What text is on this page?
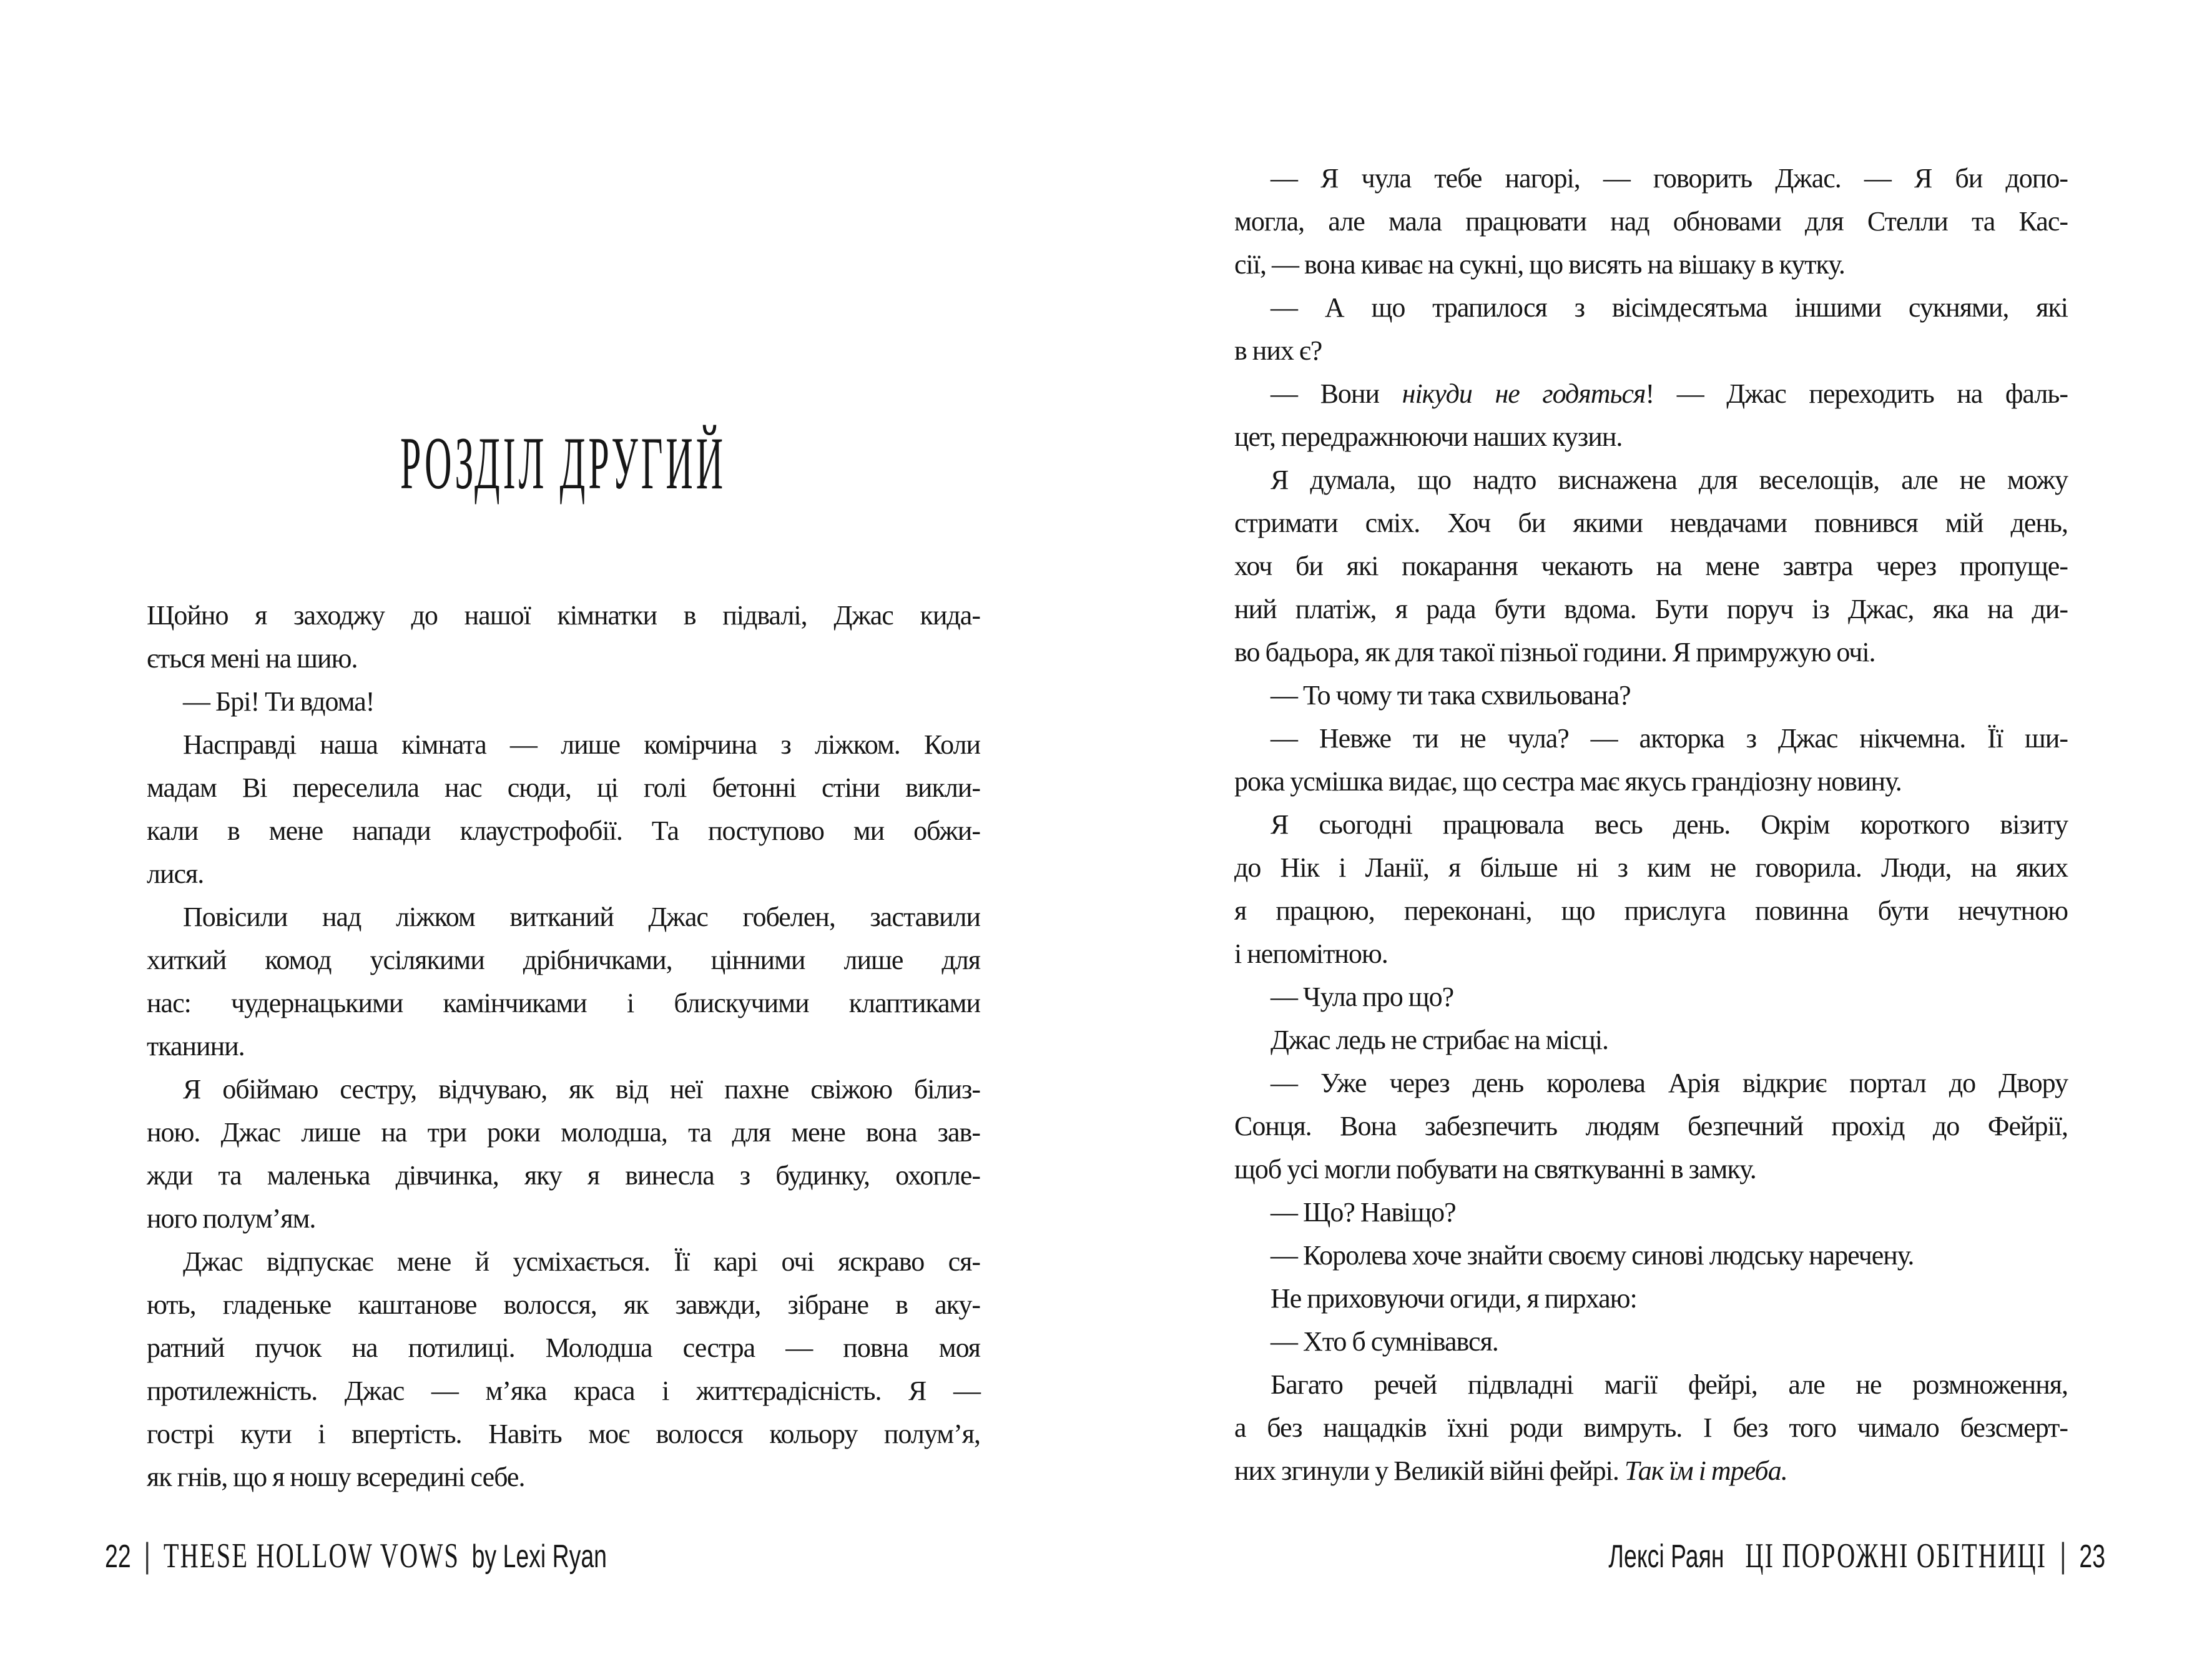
РОЗДІЛ ДРУГИЙ

Щойно я заходжу до нашої кімнатки в підвалі, Джас кида-
ється мені на шию.

— Брі! Ти вдома!

Насправді наша кімната — лише комірчина з ліжком. Коли
мадам Ві переселила нас сюди, ці голі бетонні стіни викли-
кали в мене напади клаустрофобії. Та поступово ми обжи-
лися.

Повісили над ліжком витканий Джас гобелен, заставили
хиткий комод усілякими дрібничками, цінними лише для
нас: чудернацькими камінчиками і блискучими клаптиками
тканини.

Я обіймаю сестру, відчуваю, як від неї пахне свіжою білиз-
ною. Джас лише на три роки молодша, та для мене вона зав-
жди та маленька дівчинка, яку я винесла з будинку, охопле-
ного полум’ям.

Джас відпускає мене й усміхається. Її карі очі яскраво ся-
ють, гладеньке каштанове волосся, як завжди, зібране в аку-
ратний пучок на потилиці. Молодша сестра — повна моя
протилежність. Джас — м’яка краса і життєрадісність. Я —
гострі кути і впертість. Навіть моє волосся кольору полум’я,
як гнів, що я ношу всередині себе.

22 | THESE HOLLOW VOWS by Lexi Ryan

— Я чула тебе нагорі, — говорить Джас. — Я би допо-
могла, але мала працювати над обновами для Стелли та Кас-
сії, — вона киває на сукні, що висять на вішаку в кутку.

— А що трапилося з вісімдесятьма іншими сукнями, які
в них є?

— Вони нікуди не годяться! — Джас переходить на фаль-
цет, передражнюючи наших кузин.

Я думала, що надто виснажена для веселощів, але не можу
стримати сміх. Хоч би якими невдачами повнився мій день,
хоч би які покарання чекають на мене завтра через пропуще-
ний платіж, я рада бути вдома. Бути поруч із Джас, яка на ди-
во бадьора, як для такої пізньої години. Я примружую очі.

— То чому ти така схвильована?

— Невже ти не чула? — акторка з Джас нікчемна. Її ши-
рока усмішка видає, що сестра має якусь грандіозну новину.

Я сьогодні працювала весь день. Окрім короткого візиту
до Нік і Ланії, я більше ні з ким не говорила. Люди, на яких
я працюю, переконані, що прислуга повинна бути нечутною
і непомітною.

— Чула про що?

Джас ледь не стрибає на місці.

— Уже через день королева Арія відкриє портал до Двору
Сонця. Вона забезпечить людям безпечний прохід до Фейрії,
щоб усі могли побувати на святкуванні в замку.

— Що? Навіщо?

— Королева хоче знайти своєму синові людську наречену.

Не приховуючи огиди, я пирхаю:

— Хто б сумнівався.

Багато речей підвладні магії фейрі, але не розмноження,
а без нащадків їхні роди вимруть. І без того чимало безсмерт-
них згинули у Великій війні фейрі. Так їм і треба.

Лексі Раян ЦІ ПОРОЖНІ ОБІТНИЦІ | 23
